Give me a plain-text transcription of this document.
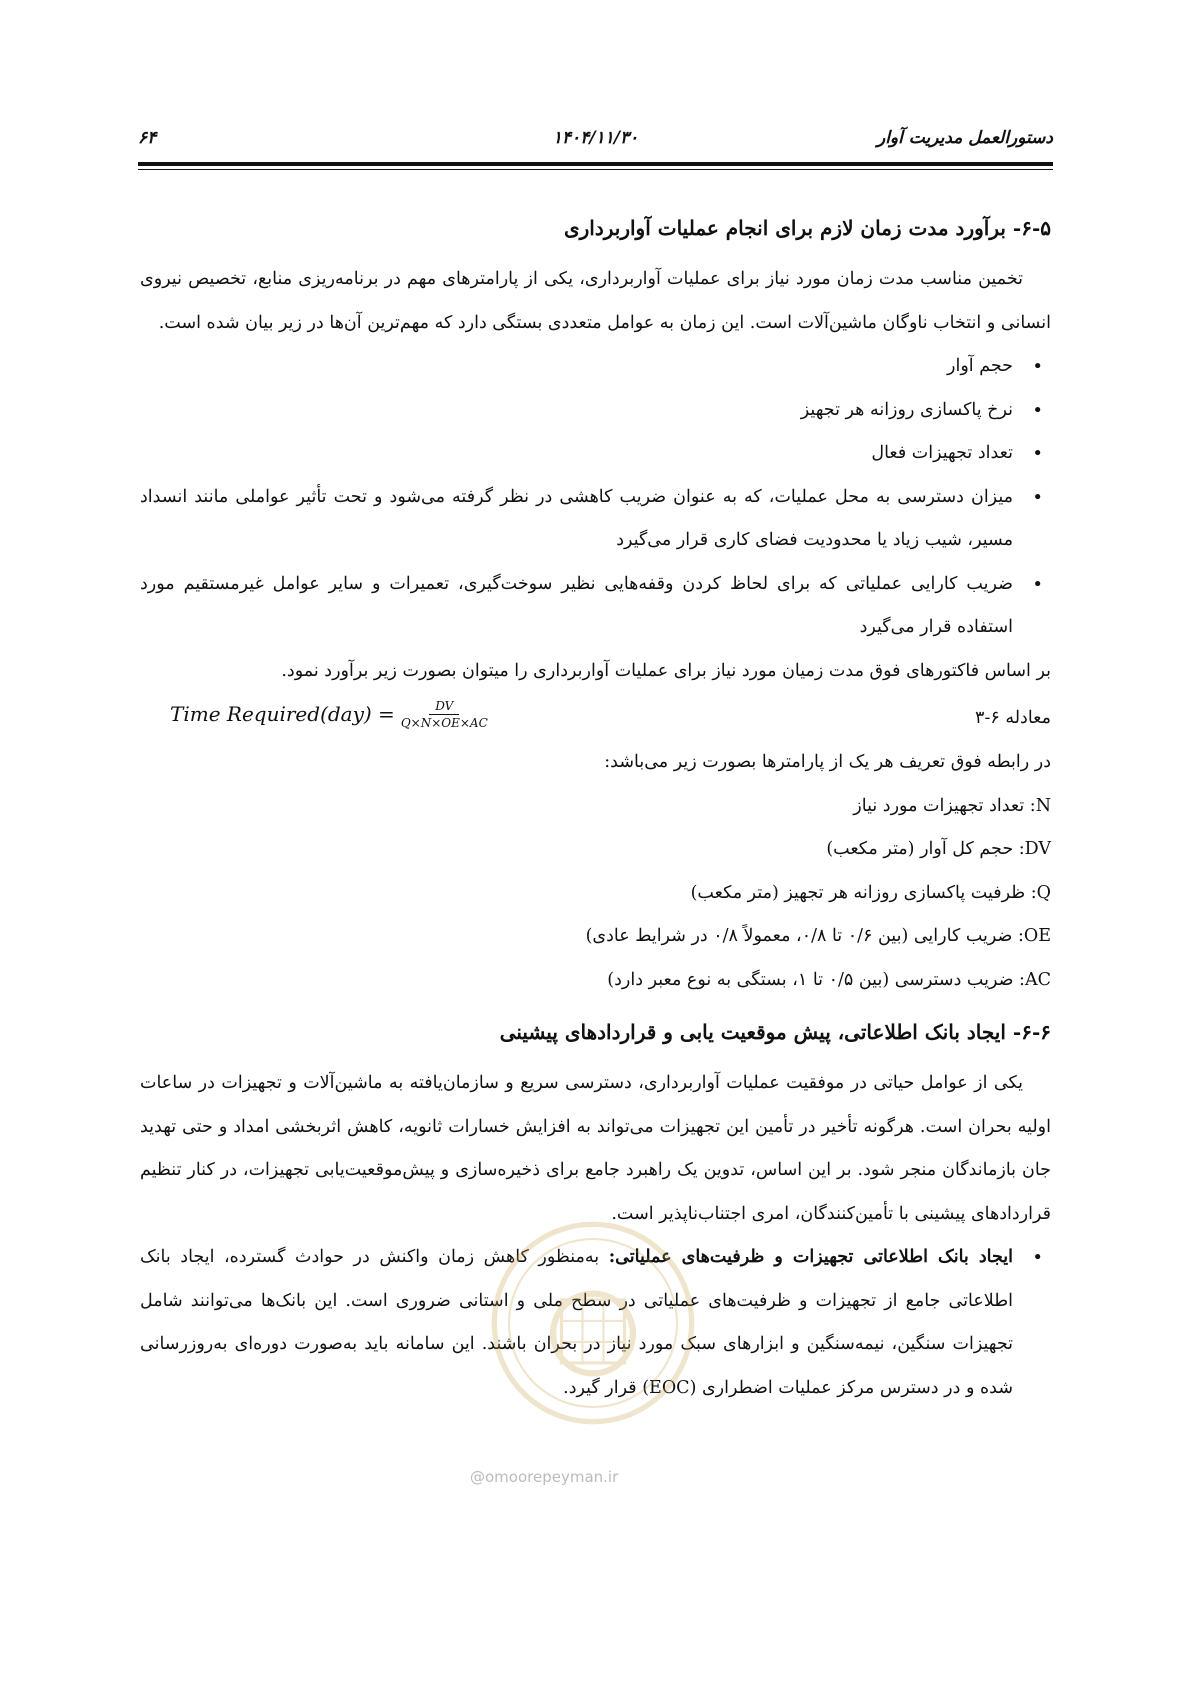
دستورالعمل مدیریت آوار
۱۴۰۴/۱۱/۳۰
۶۴
۶-۵- برآورد مدت زمان لازم برای انجام عملیات آواربرداری

تخمین مناسب مدت زمان مورد نیاز برای عملیات آواربرداری، یکی از پارامترهای مهم در برنامه‌ریزی منابع، تخصیص نیروی انسانی و انتخاب ناوگان ماشین‌آلات است. این زمان به عوامل متعددی بستگی دارد که مهم‌ترین آن‌ها در زیر بیان شده است.

• حجم آوار
• نرخ پاکسازی روزانه هر تجهیز
• تعداد تجهیزات فعال
• میزان دسترسی به محل عملیات، که به عنوان ضریب کاهشی در نظر گرفته می‌شود و تحت تأثیر عواملی مانند انسداد مسیر، شیب زیاد یا محدودیت فضای کاری قرار می‌گیرد
• ضریب کارایی عملیاتی که برای لحاظ کردن وقفه‌هایی نظیر سوخت‌گیری، تعمیرات و سایر عوامل غیرمستقیم مورد استفاده قرار می‌گیرد

بر اساس فاکتورهای فوق مدت زمیان مورد نیاز برای عملیات آواربرداری را میتوان بصورت زیر برآورد نمود.

معادله ۶-۳
Time Required(day) = $\frac{DV}{Q\times N\times OE\times AC}$

در رابطه فوق تعریف هر یک از پارامترها بصورت زیر می‌باشد:

N: تعداد تجهیزات مورد نیاز

DV: حجم کل آوار (متر مکعب)

Q: ظرفیت پاکسازی روزانه هر تجهیز (متر مکعب)

OE: ضریب کارایی (بین ۰/۶ تا ۰/۸، معمولاً ۰/۸ در شرایط عادی)

AC: ضریب دسترسی (بین ۰/۵ تا ۱، بستگی به نوع معبر دارد)

۶-۶- ایجاد بانک اطلاعاتی، پیش موقعیت یابی و قراردادهای پیشینی

یکی از عوامل حیاتی در موفقیت عملیات آواربرداری، دسترسی سریع و سازمان‌یافته به ماشین‌آلات و تجهیزات در ساعات اولیه بحران است. هرگونه تأخیر در تأمین این تجهیزات می‌تواند به افزایش خسارات ثانویه، کاهش اثربخشی امداد و حتی تهدید جان بازماندگان منجر شود. بر این اساس، تدوین یک راهبرد جامع برای ذخیره‌سازی و پیش‌موقعیت‌یابی تجهیزات، در کنار تنظیم قراردادهای پیشینی با تأمین‌کنندگان، امری اجتناب‌ناپذیر است.

• ایجاد بانک اطلاعاتی تجهیزات و ظرفیت‌های عملیاتی: به‌منظور کاهش زمان واکنش در حوادث گسترده، ایجاد بانک اطلاعاتی جامع از تجهیزات و ظرفیت‌های عملیاتی در سطح ملی و استانی ضروری است. این بانک‌ها می‌توانند شامل تجهیزات سنگین، نیمه‌سنگین و ابزارهای سبک مورد نیاز در بحران باشند. این سامانه باید به‌صورت دوره‌ای به‌روزرسانی شده و در دسترس مرکز عملیات اضطراری (EOC) قرار گیرد.
@omoorepeyman.ir
